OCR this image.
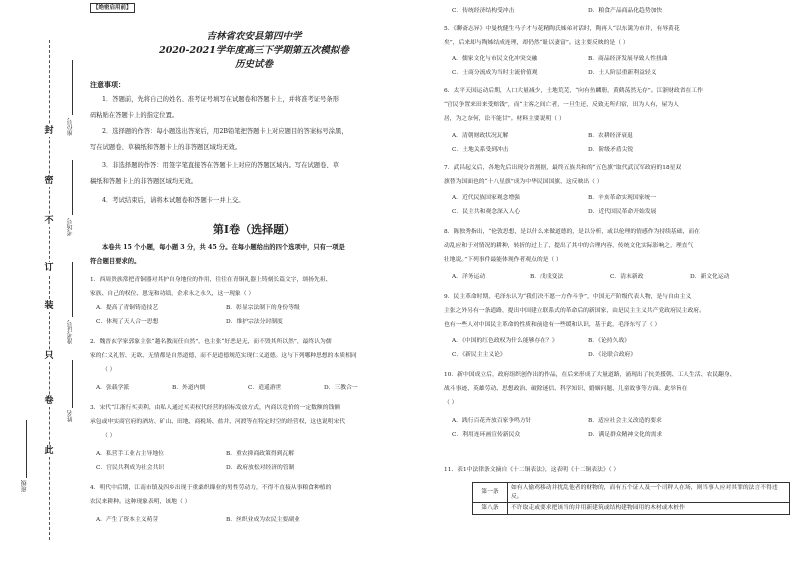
封
密
不
订
装
只
卷
此
座位号
考场号
准考证号
姓名
班级
【绝密启用前】
吉林省农安县第四中学
2020-2021学年度高三下学期第五次模拟卷
历史试卷
注意事项：
1．答题前，先将自己的姓名、准考证号填写在试题卷和答题卡上，并将准考证号条形
码粘贴在答题卡上的指定位置。
2．选择题的作答：每小题选出答案后，用2B铅笔把答题卡上对应题目的答案标号涂黑，
写在试题卷、草稿纸和答题卡上的非答题区域均无效。
3．非选择题的作答：用签字笔直接答在答题卡上对应的答题区域内。写在试题卷、草
稿纸和答题卡上的非答题区域均无效。
4．考试结束后，请将本试题卷和答题卡一并上交。
第Ⅰ卷（选择题）
本卷共 15 个小题，每小题 3 分，共 45 分。在每小题给出的四个选项中，只有一项是
符合题目要求的。
1．西周贵族常把青铜器对其护自身地位的作用，往往在青铜礼器上铸刻长篇文字，颂扬先祖、
家族、自己的权位、恩宠和功绩，企求永之永久，这一现象（ ）
A．提高了青铜铸造技艺	B．彰显宗法制下的身份等级
C．体现了天人合一思想	D．维护宗法分封制度
2．魏晋玄学家郭象主张“越名教而任自然”，也主张“好恶是无，而不毁其所以然”，最终认为儒
家的仁义礼智、无欲、无情都是自然道德，而不是道德规范实现仁义道德。这与下列哪种思想的本质相同
（ ）
A．张载学派	B．外道内儒	C．逍遥游世	D．三教合一
3．宋代“江浙行买卖利，由私人通过买卖权代经营的招标发放方式，内商以竞价的一定数额的钱额
承包或申实商官府的酒坊、矿山、田地、商税场、盐井、河渡等在特定时空的经营权，这也说明宋代
（ ）
A．私营手工业占主导地位	B．重农抑商政策得到瓦解
C．官民共利成为社会共识	D．政府放松对经济的管制
4．明代中后期，江南市镇及四乡出现于重桑织缫业的男性劳动力，不得不直接从事粮食种植的
农民来耕种。这种现象表明，该地（ ）
A．产生了资本主义萌芽	B．丝织业成为农民主要副业
C．传统经济结构受冲击	D．粮食产品商品化趋势加快
5．《聊斋志异》中曼枕健生马子才与花精陶氏姊弟对话时，陶再人“以东篱为市井，有辱黄花
矣”，后来却与陶姊结成连理，却仍然“耻以妻富”。这主要反映的是（ ）
A．儒家文化与市民文化冲突交融	B．商品经济发展导致人性扭曲
C．士商分流成为当时主流价值观	D．士人阶层重新利益轻义
6．太平天国运动后期，人口大量减少，土地荒芜，“向有鱼麟册，黄鹤荡然无存”。江浙财政省在工作
“官民争置来田来受赔钱”，而“主客之间亡者，一旦生还，反致无所归宿，田为人有，屋为人
居，为之奈何，讼不能甘”。材料主要说明（ ）
A．清朝财政状况瓦解	B．农耕经济衰退
C．土地关系受到冲击	D．阶级矛盾尖锐
7．武昌起义后，各地先后出现分省割据，最终五族共和的“五色旗”取代武汉军政府的18星双
旗替为国面也的“十八星旗”成为中华民国国旗，这反映出（ ）
A．近代民族国家观念增强	B．辛亥革命实现国家统一
C．民主共和观念深入人心	D．近代国民革命开始发展
8．陈独秀指出，“伦敦思想，是以什么来做道德的，是以分析，或以伦理的情感作为持续基础，而在
动乱应和于对情况的耕种，转折的过上了，提出了其中的合理内容，传统文化实际影响之，理直气
壮地说。”下列事件最能体现作者观点的是（ ）
A．洋务运动	B．戊戌变法	C．清末新政	D．新文化运动
9．民主革命时期，毛泽东认为“我们决不愿一方作斗争”，中国无产阶级代表人物，是与自由主义
主张之外另有一条道路，提出中国建立联系式的革命后的新国家，由是民主主义共产党政府民主政府。
也有一些人对中国民主革命的性质和前途有一些缓和认识，基于此，毛泽东写了（ ）
A．《中国的红色政权为什么能够存在？》	B．《论持久战》
C．《新民主主义论》	D．《论联合政府》
10．新中国成立后，政府组织创作出的作品，在后来形成了大量道路，涌现出了抗美援朝、工人生活、农民翻身、
战斗事迹、英雄劳动、思想政治、破除迷信、科学知识、婚姻问题、儿童故事等方面。此举旨在
（ ）
A．践行百花齐放百家争鸣方针	B．适应社会主义改造的要求
C．利用连环画宣传新民众	D．满足群众精神文化的需求
11．表1中法律条文摘自《十二铜表法》，这表明《十二铜表法》（ ）
第一条	如有人偷鸡移动并扰乱他者的财物的，而有五个证人及一个司秤人在场，则当事人应对其罪的法言不得违反。
第八条	不许取走或要求把该当的并用新建筑或结构建物园用的木材或木桩作
